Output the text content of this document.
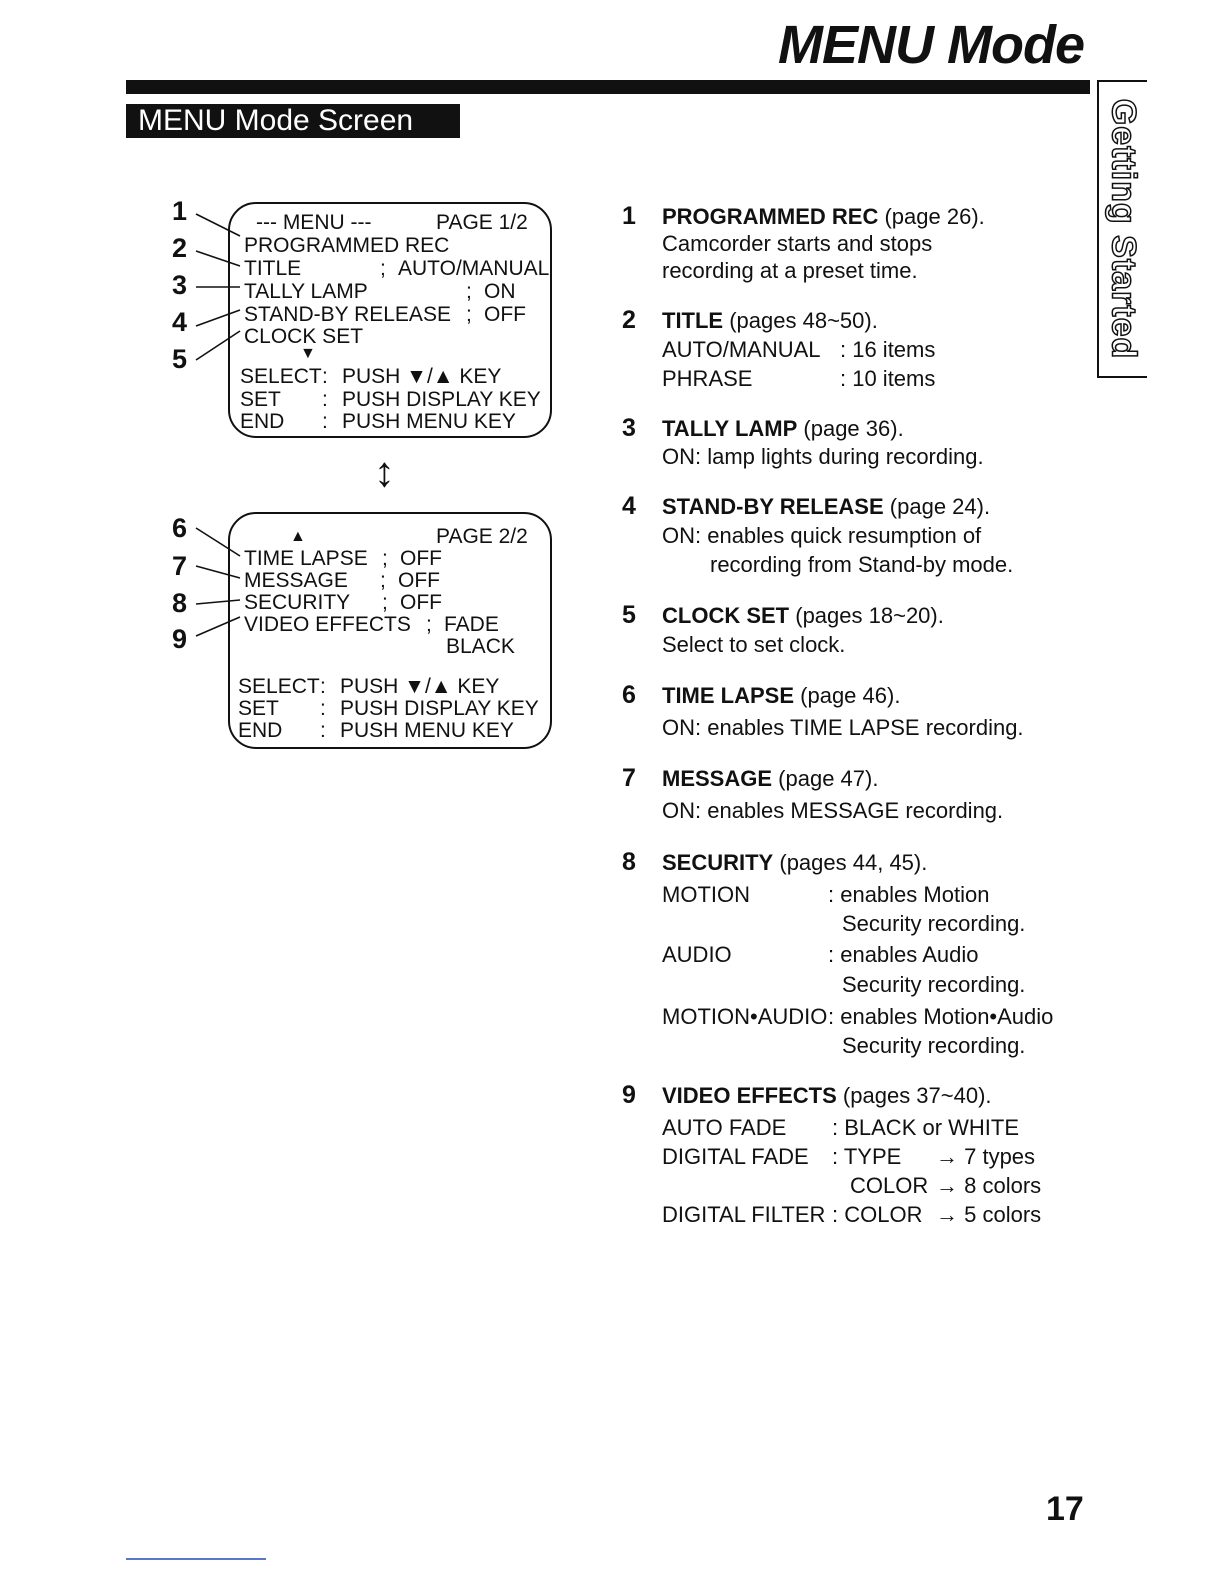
MENU Mode
MENU Mode Screen	Getting Started
1
2
3
4
5
--- MENU ---	PAGE 1/2
PROGRAMMED REC
TITLE	; AUTO/MANUAL
TALLY LAMP	; ON
STAND-BY RELEASE ; OFF
CLOCK SET
▼
SELECT : PUSH ▼/▲ KEY
SET : PUSH DISPLAY KEY
END : PUSH MENU KEY
↕
6
7
8
9
▲	PAGE 2/2
TIME LAPSE ; OFF
MESSAGE ; OFF
SECURITY ; OFF
VIDEO EFFECTS ; FADE
BLACK
SELECT : PUSH ▼/▲ KEY
SET : PUSH DISPLAY KEY
END : PUSH MENU KEY
1 PROGRAMMED REC (page 26).
Camcorder starts and stops
recording at a preset time.
2 TITLE (pages 48~50).
AUTO/MANUAL : 16 items
PHRASE	: 10 items
3 TALLY LAMP (page 36).
ON: lamp lights during recording.
4 STAND-BY RELEASE (page 24).
ON: enables quick resumption of
recording from Stand-by mode.
5 CLOCK SET (pages 18~20).
Select to set clock.
6 TIME LAPSE (page 46).
ON: enables TIME LAPSE recording.
7 MESSAGE (page 47).
ON: enables MESSAGE recording.
8 SECURITY (pages 44, 45).
MOTION	: enables Motion
Security recording.
AUDIO	: enables Audio
Security recording.
MOTION•AUDIO : enables Motion•Audio
Security recording.
9 VIDEO EFFECTS (pages 37~40).
AUTO FADE : BLACK or WHITE
DIGITAL FADE : TYPE → 7 types
COLOR → 8 colors
DIGITAL FILTER : COLOR → 5 colors
17
